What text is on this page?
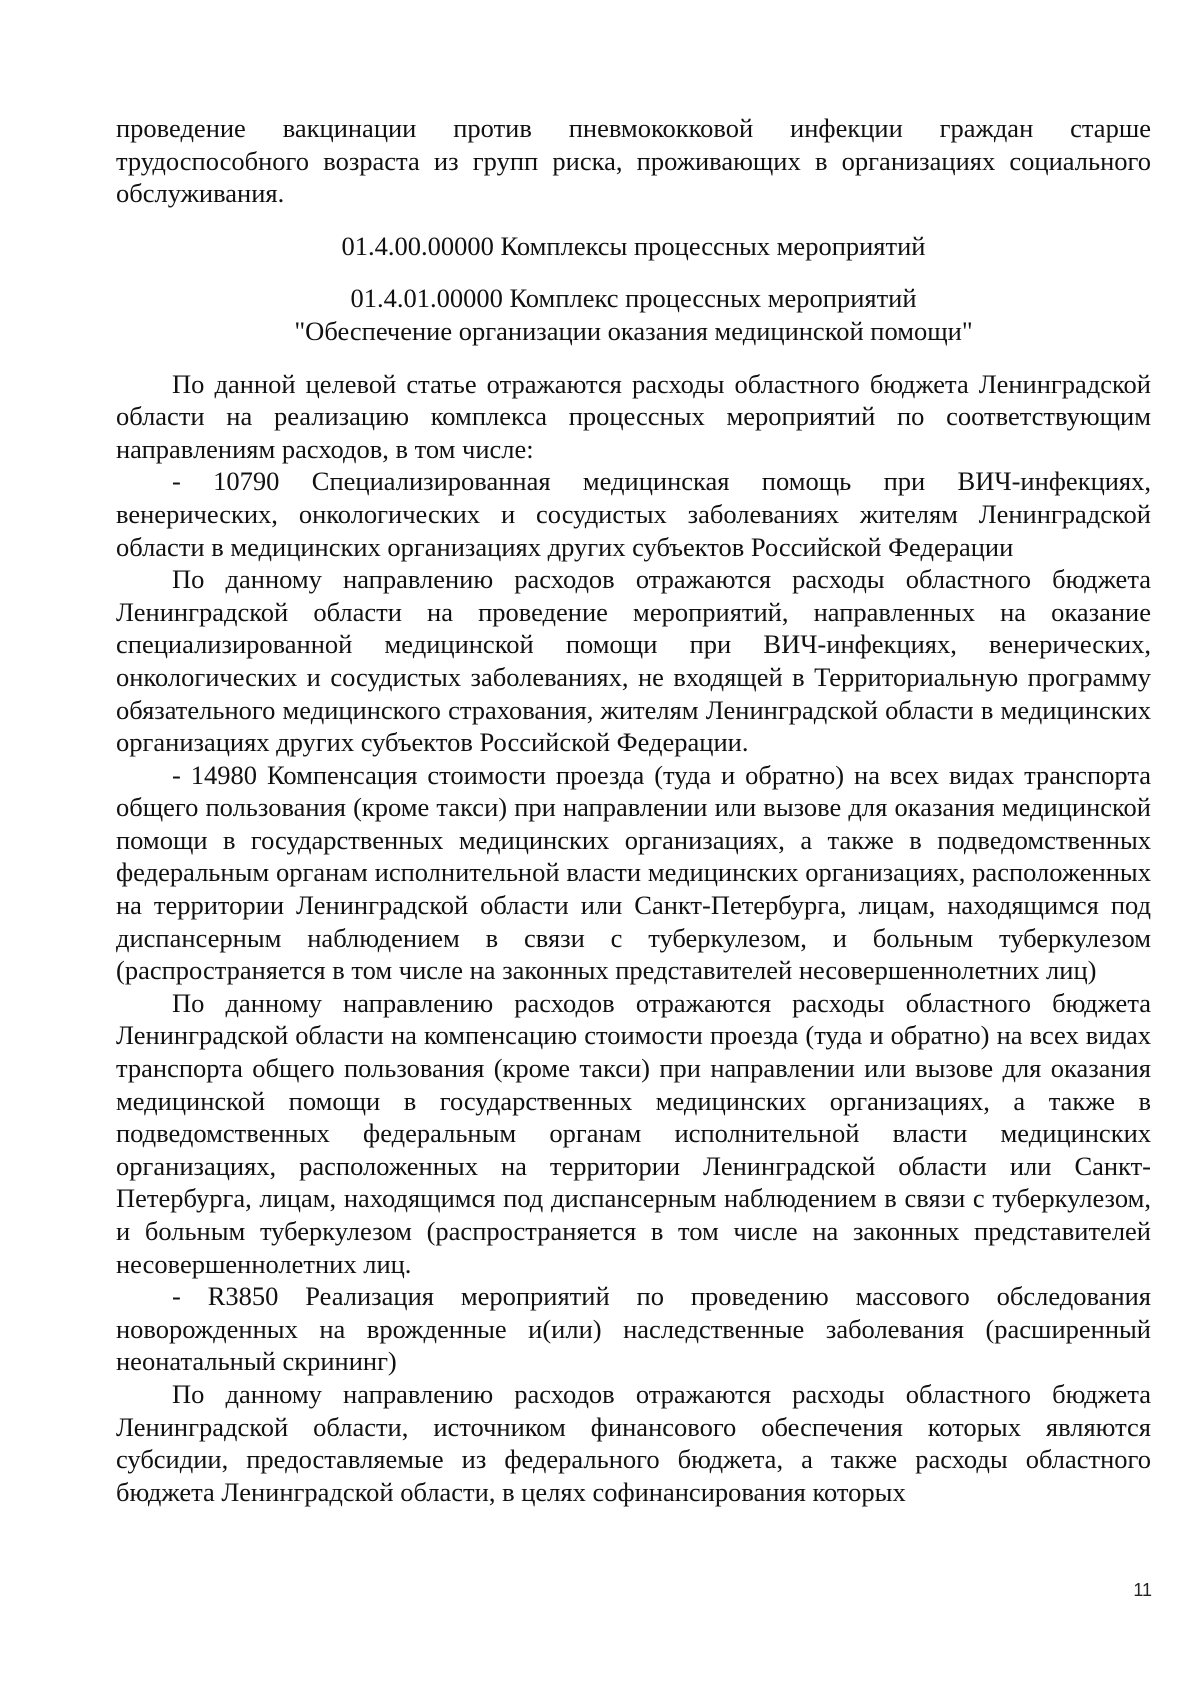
проведение вакцинации против пневмококковой инфекции граждан старше трудоспособного возраста из групп риска, проживающих в организациях социального обслуживания.

01.4.00.00000 Комплексы процессных мероприятий

01.4.01.00000 Комплекс процессных мероприятий

"Обеспечение организации оказания медицинской помощи"

По данной целевой статье отражаются расходы областного бюджета Ленинградской области на реализацию комплекса процессных мероприятий по соответствующим направлениям расходов, в том числе:

- 10790 Специализированная медицинская помощь при ВИЧ-инфекциях, венерических, онкологических и сосудистых заболеваниях жителям Ленинградской области в медицинских организациях других субъектов Российской Федерации

По данному направлению расходов отражаются расходы областного бюджета Ленинградской области на проведение мероприятий, направленных на оказание специализированной медицинской помощи при ВИЧ-инфекциях, венерических, онкологических и сосудистых заболеваниях, не входящей в Территориальную программу обязательного медицинского страхования, жителям Ленинградской области в медицинских организациях других субъектов Российской Федерации.

- 14980 Компенсация стоимости проезда (туда и обратно) на всех видах транспорта общего пользования (кроме такси) при направлении или вызове для оказания медицинской помощи в государственных медицинских организациях, а также в подведомственных федеральным органам исполнительной власти медицинских организациях, расположенных на территории Ленинградской области или Санкт-Петербурга, лицам, находящимся под диспансерным наблюдением в связи с туберкулезом, и больным туберкулезом (распространяется в том числе на законных представителей несовершеннолетних лиц)

По данному направлению расходов отражаются расходы областного бюджета Ленинградской области на компенсацию стоимости проезда (туда и обратно) на всех видах транспорта общего пользования (кроме такси) при направлении или вызове для оказания медицинской помощи в государственных медицинских организациях, а также в подведомственных федеральным органам исполнительной власти медицинских организациях, расположенных на территории Ленинградской области или Санкт-Петербурга, лицам, находящимся под диспансерным наблюдением в связи с туберкулезом, и больным туберкулезом (распространяется в том числе на законных представителей несовершеннолетних лиц.

- R3850 Реализация мероприятий по проведению массового обследования новорожденных на врожденные и(или) наследственные заболевания (расширенный неонатальный скрининг)

По данному направлению расходов отражаются расходы областного бюджета Ленинградской области, источником финансового обеспечения которых являются субсидии, предоставляемые из федерального бюджета, а также расходы областного бюджета Ленинградской области, в целях софинансирования которых

11
